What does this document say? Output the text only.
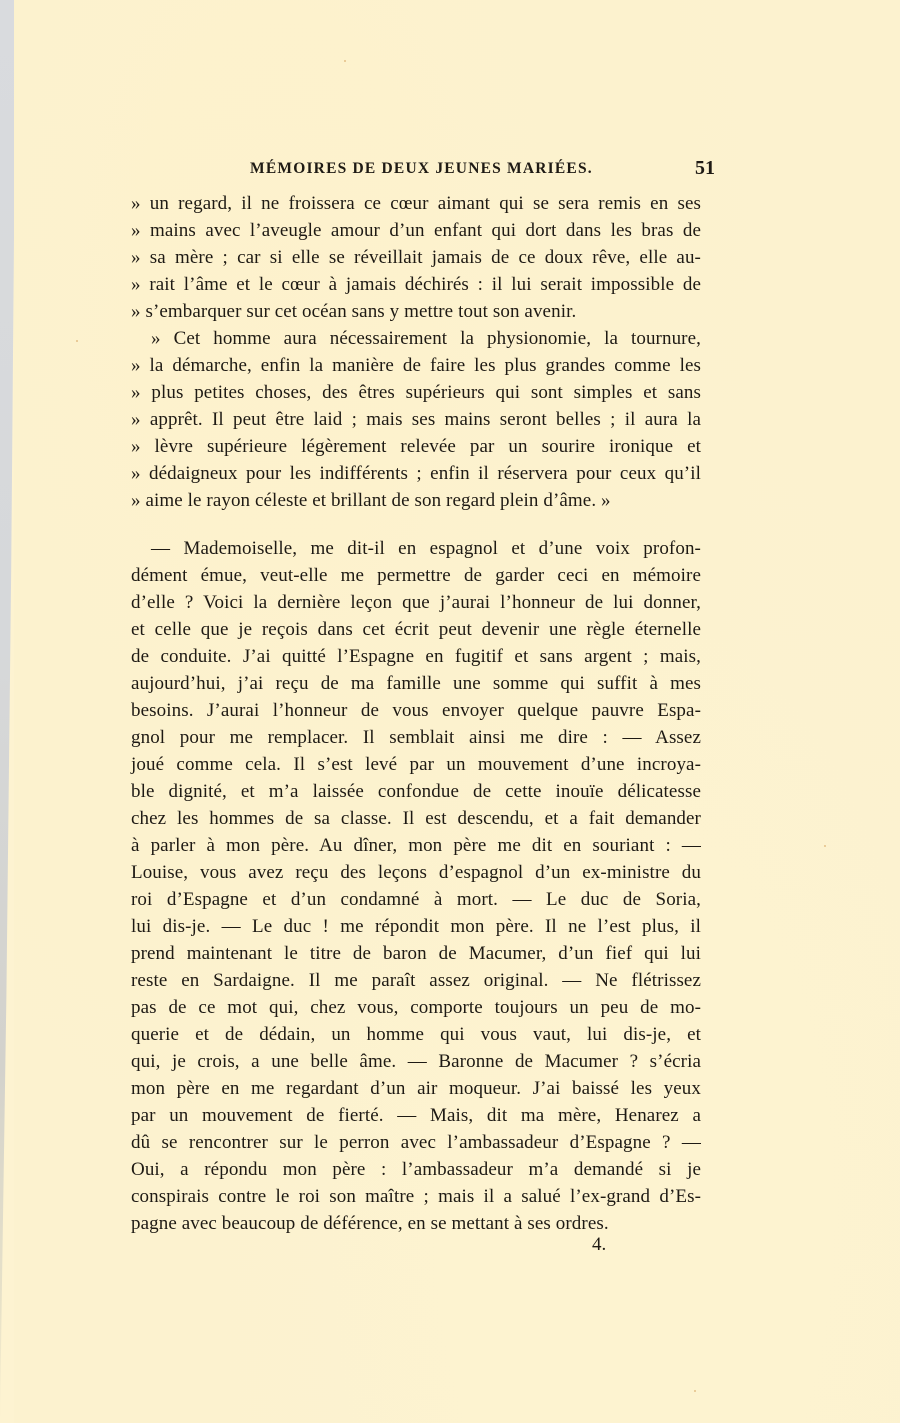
MÉMOIRES DE DEUX JEUNES MARIÉES.	51
» un regard, il ne froissera ce cœur aimant qui se sera remis en ses
» mains avec l’aveugle amour d’un enfant qui dort dans les bras de
» sa mère ; car si elle se réveillait jamais de ce doux rêve, elle au-
» rait l’âme et le cœur à jamais déchirés : il lui serait impossible de
» s’embarquer sur cet océan sans y mettre tout son avenir.
» Cet homme aura nécessairement la physionomie, la tournure,
» la démarche, enfin la manière de faire les plus grandes comme les
» plus petites choses, des êtres supérieurs qui sont simples et sans
» apprêt. Il peut être laid ; mais ses mains seront belles ; il aura la
» lèvre supérieure légèrement relevée par un sourire ironique et
» dédaigneux pour les indifférents ; enfin il réservera pour ceux qu’il
» aime le rayon céleste et brillant de son regard plein d’âme. »
— Mademoiselle, me dit-il en espagnol et d’une voix profon-
dément émue, veut-elle me permettre de garder ceci en mémoire
d’elle ? Voici la dernière leçon que j’aurai l’honneur de lui donner,
et celle que je reçois dans cet écrit peut devenir une règle éternelle
de conduite. J’ai quitté l’Espagne en fugitif et sans argent ; mais,
aujourd’hui, j’ai reçu de ma famille une somme qui suffit à mes
besoins. J’aurai l’honneur de vous envoyer quelque pauvre Espa-
gnol pour me remplacer. Il semblait ainsi me dire : — Assez
joué comme cela. Il s’est levé par un mouvement d’une incroya-
ble dignité, et m’a laissée confondue de cette inouïe délicatesse
chez les hommes de sa classe. Il est descendu, et a fait demander
à parler à mon père. Au dîner, mon père me dit en souriant : —
Louise, vous avez reçu des leçons d’espagnol d’un ex-ministre du
roi d’Espagne et d’un condamné à mort. — Le duc de Soria,
lui dis-je. — Le duc ! me répondit mon père. Il ne l’est plus, il
prend maintenant le titre de baron de Macumer, d’un fief qui lui
reste en Sardaigne. Il me paraît assez original. — Ne flétrissez
pas de ce mot qui, chez vous, comporte toujours un peu de mo-
querie et de dédain, un homme qui vous vaut, lui dis-je, et
qui, je crois, a une belle âme. — Baronne de Macumer ? s’écria
mon père en me regardant d’un air moqueur. J’ai baissé les yeux
par un mouvement de fierté. — Mais, dit ma mère, Henarez a
dû se rencontrer sur le perron avec l’ambassadeur d’Espagne ? —
Oui, a répondu mon père : l’ambassadeur m’a demandé si je
conspirais contre le roi son maître ; mais il a salué l’ex-grand d’Es-
pagne avec beaucoup de déférence, en se mettant à ses ordres.
4.
